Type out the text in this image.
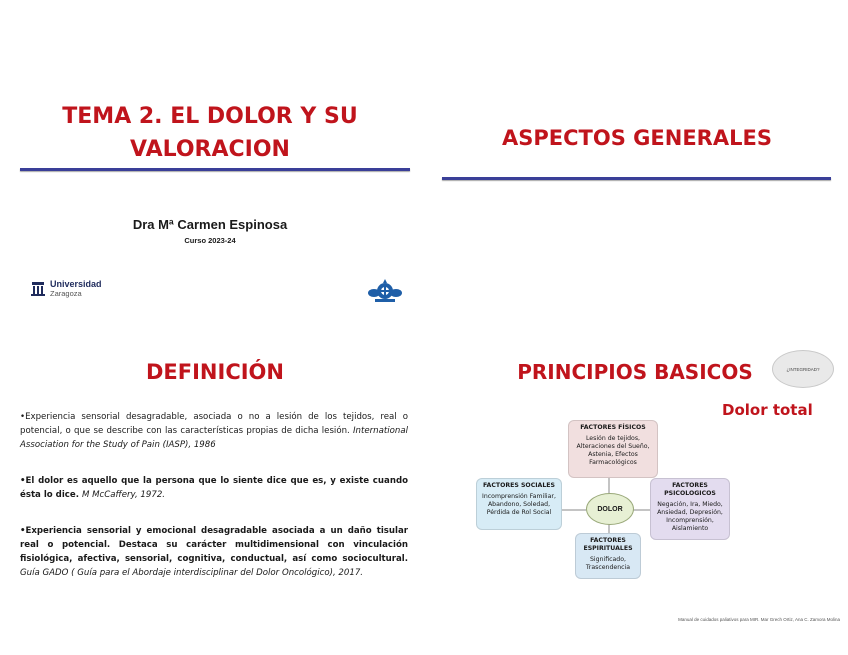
TEMA 2. EL DOLOR Y SU VALORACION
Dra Mª Carmen Espinosa
Curso 2023-24
Universidad
Zaragoza
ASPECTOS GENERALES
DEFINICIÓN
•Experiencia sensorial desagradable, asociada o no a lesión de los tejidos, real o potencial, o que se describe con las características propias de dicha lesión. International Association for the Study of Pain (IASP), 1986
•El dolor es aquello que la persona que lo siente dice que es, y existe cuando ésta lo dice. M McCaffery, 1972.
•Experiencia sensorial y emocional desagradable asociada a un daño tisular real o potencial. Destaca su carácter multidimensional con vinculación fisiológica, afectiva, sensorial, cognitiva, conductual, así como sociocultural. Guía GADO ( Guía para el Abordaje interdisciplinar del Dolor Oncológico), 2017.
PRINCIPIOS BASICOS	¿INTEGRIDAD?
Dolor total
FACTORES FÍSICOS
Lesión de tejidos, Alteraciones del Sueño, Astenia, Efectos Farmacológicos
FACTORES SOCIALES
Incomprensión Familiar, Abandono, Soledad, Pérdida de Rol Social
FACTORES PSICOLOGICOS
Negación, Ira, Miedo, Ansiedad, Depresión, Incomprensión, Aislamiento
FACTORES ESPIRITUALES
Significado, Trascendencia
DOLOR
Manual de cuidados paliativos para MIR. Mar Grech Ortiz, Ana C. Zamora Molina
